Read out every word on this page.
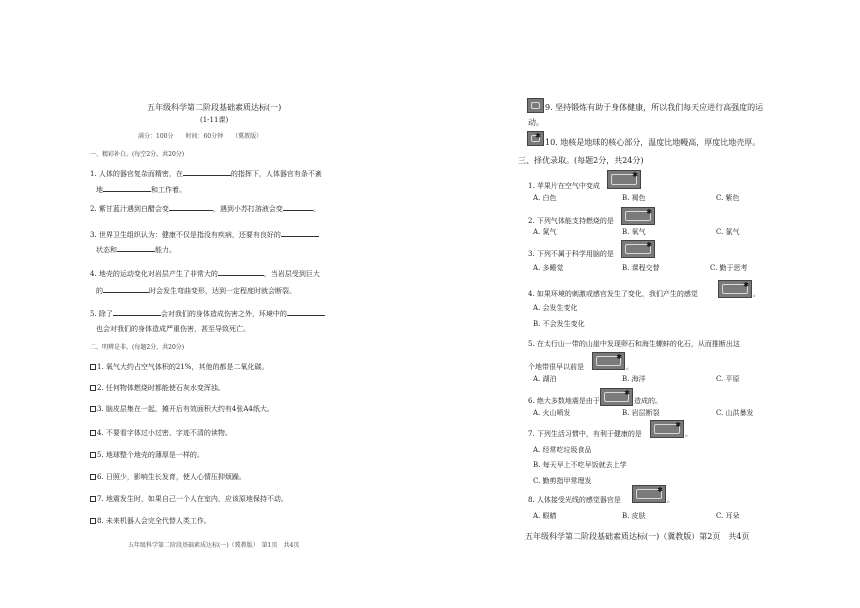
五年级科学第二阶段基础素质达标(一)
(1-11课)
满分：100分　　时间：60分钟　　（冀教版）
一、精彩补白。(每空2分，共20分)
1. 人体的器官复杂而精密，在	的指挥下，人体器官有条不紊
地	和工作着。
2. 紫甘蓝汁遇到白醋会变	，遇到小苏打溶液会变	。
3. 世界卫生组织认为：健康不仅是指没有疾病，还要有良好的
状态和	能力。
4. 地壳的运动变化对岩层产生了非常大的	，当岩层受到巨大
的	时会发生弯曲变形，达到一定程度时就会断裂。
5. 除了	会对我们的身体造成伤害之外，环境中的
也会对我们的身体造成严重伤害，甚至导致死亡。
二、明辨是非。(每题2分，共20分)
1. 氧气大约占空气体积的21%，其他的都是二氧化碳。
2. 任何物体燃烧时都能使石灰水变浑浊。
3. 脑皮层集在一起，摊开后有效面积大约有4张A4纸大。
4. 不要看字体过小过密、字迹不清的读物。
5. 地球整个地壳的薄厚是一样的。
6. 日照少，影响生长发育，使人心情压抑烦躁。
7. 地震发生时，如果自己一个人在室内，应该原地保持不动。
8. 未来机器人会完全代替人类工作。
五年级科学第二阶段基础素质达标(一)（冀教版）　第1页　共4页
9. 坚持锻炼有助于身体健康，所以我们每天应进行高强度的运
动。
✱
10. 地核是地球的核心部分，温度比地幔高，厚度比地壳厚。
三、择优录取。(每题2分，共24分)
1. 苹果片在空气中变成
✱
A. 白色	B. 褐色	C. 紫色
2. 下列气体能支持燃烧的是
✱
A. 氮气	B. 氧气	C. 氯气
3. 下列不属于科学用脑的是
✱
A. 多睡觉	B. 课程交替	C. 勤于思考
4. 如果环境的刺激或感官发生了变化，我们产生的感觉
✱
。
A. 会发生变化
B. 不会发生变化
5. 在太行山一带的山崖中发现卵石和海生螺蚌的化石，从而推断出这
个地带很早以前是
✱
。
A. 湖泊	B. 海洋	C. 平原
6. 绝大多数地震是由于
✱
造成的。
A. 火山喷发	B. 岩层断裂	C. 山洪暴发
7. 下列生活习惯中，有利于健康的是
✱
。
A. 经常吃垃圾食品
B. 每天早上不吃早饭就去上学
C. 勤剪指甲常理发
8. 人体接受光线的感觉器官是
✱
。
A. 眼睛	B. 皮肤	C. 耳朵
五年级科学第二阶段基础素质达标(一)（冀教版）第2页　共4页
